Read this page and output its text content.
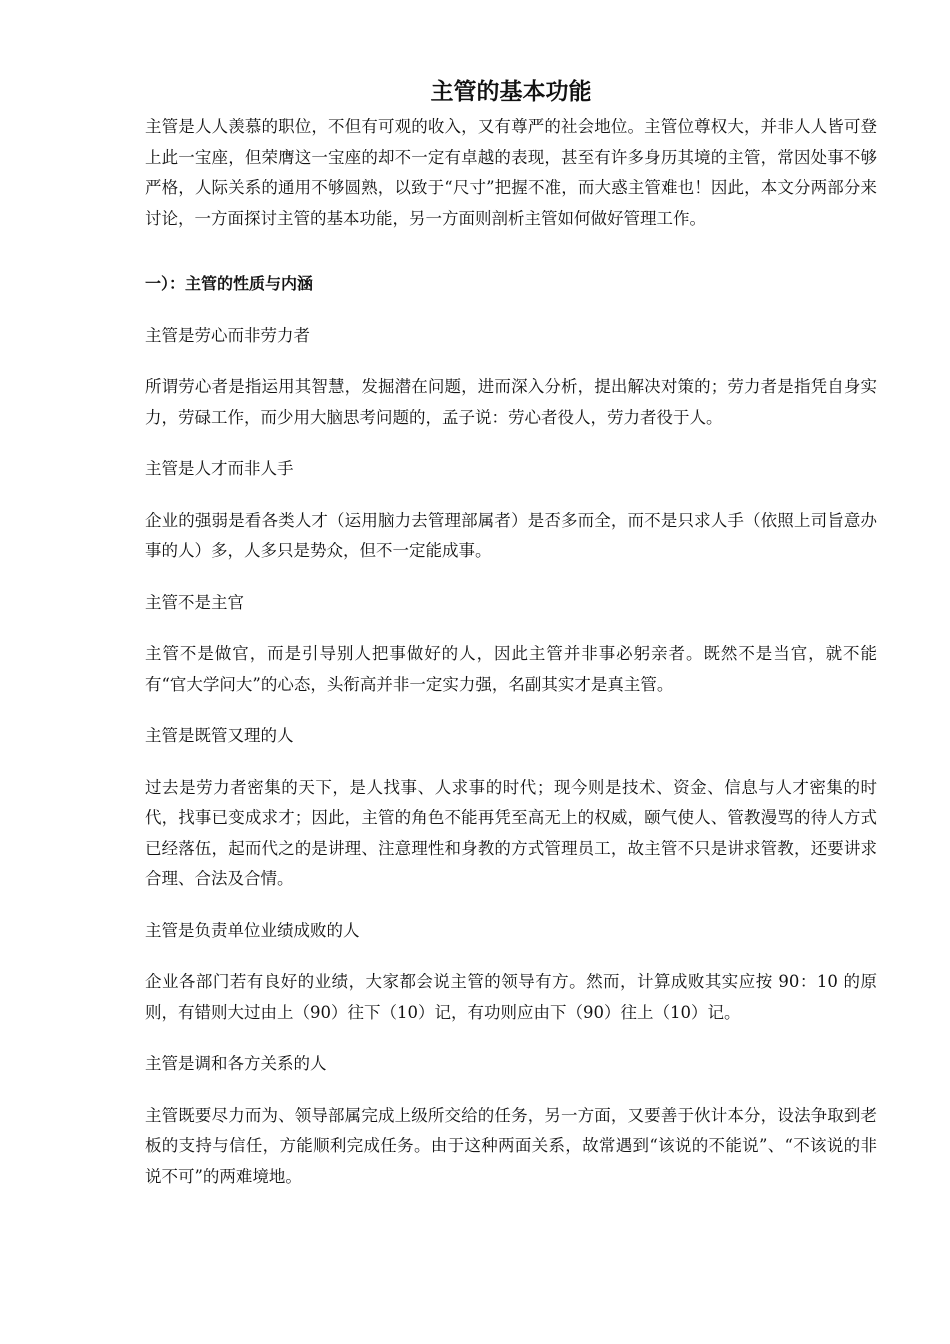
主管的基本功能

主管是人人羡慕的职位，不但有可观的收入，又有尊严的社会地位。主管位尊权大，并非人人皆可登上此一宝座，但荣膺这一宝座的却不一定有卓越的表现，甚至有许多身历其境的主管，常因处事不够严格，人际关系的通用不够圆熟，以致于“尺寸”把握不准，而大惑主管难也！因此，本文分两部分来讨论，一方面探讨主管的基本功能，另一方面则剖析主管如何做好管理工作。

一）：主管的性质与内涵

主管是劳心而非劳力者

所谓劳心者是指运用其智慧，发掘潜在问题，进而深入分析，提出解决对策的；劳力者是指凭自身实力，劳碌工作，而少用大脑思考问题的，孟子说：劳心者役人，劳力者役于人。

主管是人才而非人手

企业的强弱是看各类人才（运用脑力去管理部属者）是否多而全，而不是只求人手（依照上司旨意办事的人）多，人多只是势众，但不一定能成事。

主管不是主官

主管不是做官，而是引导别人把事做好的人，因此主管并非事必躬亲者。既然不是当官，就不能有“官大学问大”的心态，头衔高并非一定实力强，名副其实才是真主管。

主管是既管又理的人

过去是劳力者密集的天下，是人找事、人求事的时代；现今则是技术、资金、信息与人才密集的时代，找事已变成求才；因此，主管的角色不能再凭至高无上的权威，颐气使人、管教漫骂的待人方式已经落伍，起而代之的是讲理、注意理性和身教的方式管理员工，故主管不只是讲求管教，还要讲求合理、合法及合情。

主管是负责单位业绩成败的人

企业各部门若有良好的业绩，大家都会说主管的领导有方。然而，计算成败其实应按 90：10 的原则，有错则大过由上（90）往下（10）记，有功则应由下（90）往上（10）记。

主管是调和各方关系的人

主管既要尽力而为、领导部属完成上级所交给的任务，另一方面，又要善于伙计本分，设法争取到老板的支持与信任，方能顺利完成任务。由于这种两面关系，故常遇到“该说的不能说”、“不该说的非说不可”的两难境地。
